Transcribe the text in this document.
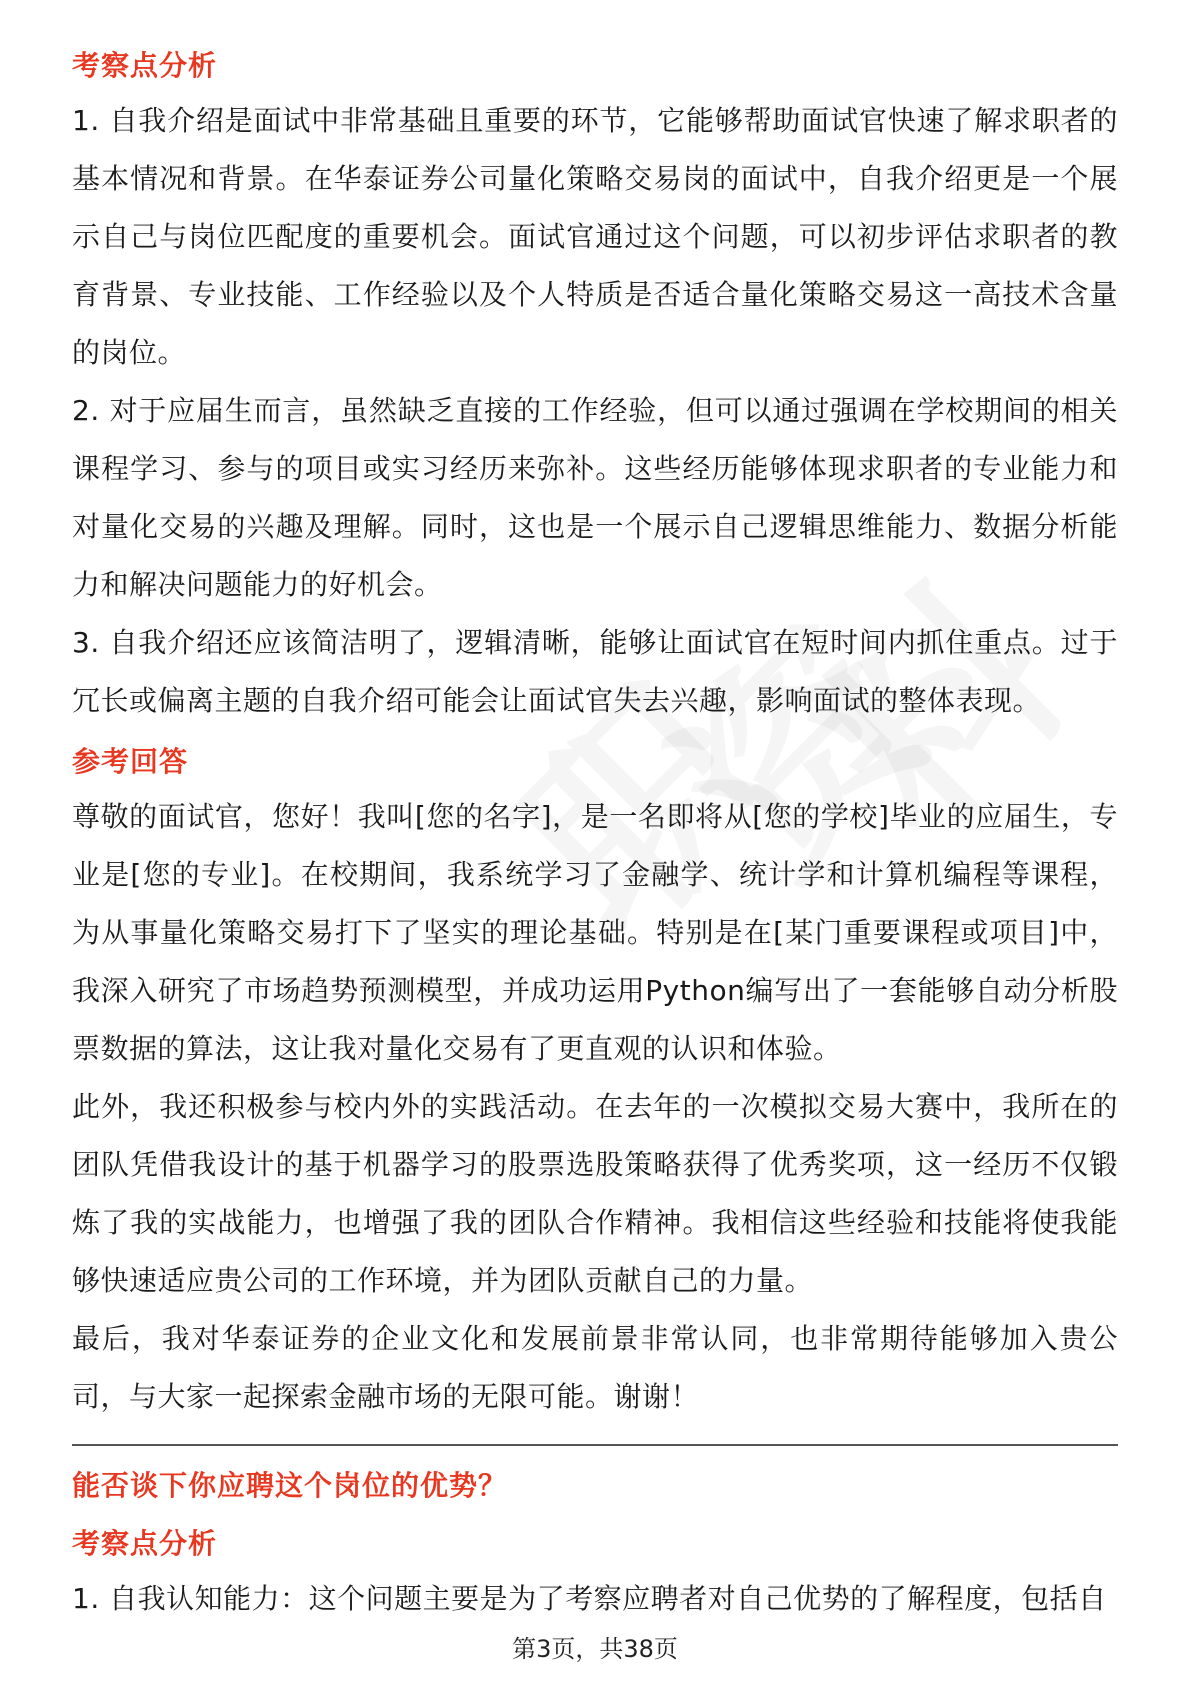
考察点分析

1. 自我介绍是面试中非常基础且重要的环节，它能够帮助面试官快速了解求职者的基本情况和背景。在华泰证券公司量化策略交易岗的面试中，自我介绍更是一个展示自己与岗位匹配度的重要机会。面试官通过这个问题，可以初步评估求职者的教育背景、专业技能、工作经验以及个人特质是否适合量化策略交易这一高技术含量的岗位。

2. 对于应届生而言，虽然缺乏直接的工作经验，但可以通过强调在学校期间的相关课程学习、参与的项目或实习经历来弥补。这些经历能够体现求职者的专业能力和对量化交易的兴趣及理解。同时，这也是一个展示自己逻辑思维能力、数据分析能力和解决问题能力的好机会。

3. 自我介绍还应该简洁明了，逻辑清晰，能够让面试官在短时间内抓住重点。过于冗长或偏离主题的自我介绍可能会让面试官失去兴趣，影响面试的整体表现。

参考回答

尊敬的面试官，您好！我叫[您的名字]，是一名即将从[您的学校]毕业的应届生，专业是[您的专业]。在校期间，我系统学习了金融学、统计学和计算机编程等课程，为从事量化策略交易打下了坚实的理论基础。特别是在[某门重要课程或项目]中，我深入研究了市场趋势预测模型，并成功运用Python编写出了一套能够自动分析股票数据的算法，这让我对量化交易有了更直观的认识和体验。

此外，我还积极参与校内外的实践活动。在去年的一次模拟交易大赛中，我所在的团队凭借我设计的基于机器学习的股票选股策略获得了优秀奖项，这一经历不仅锻炼了我的实战能力，也增强了我的团队合作精神。我相信这些经验和技能将使我能够快速适应贵公司的工作环境，并为团队贡献自己的力量。

最后，我对华泰证券的企业文化和发展前景非常认同，也非常期待能够加入贵公司，与大家一起探索金融市场的无限可能。谢谢！

能否谈下你应聘这个岗位的优势？
考察点分析

1. 自我认知能力：这个问题主要是为了考察应聘者对自己优势的了解程度，包括自

第3页，共38页
